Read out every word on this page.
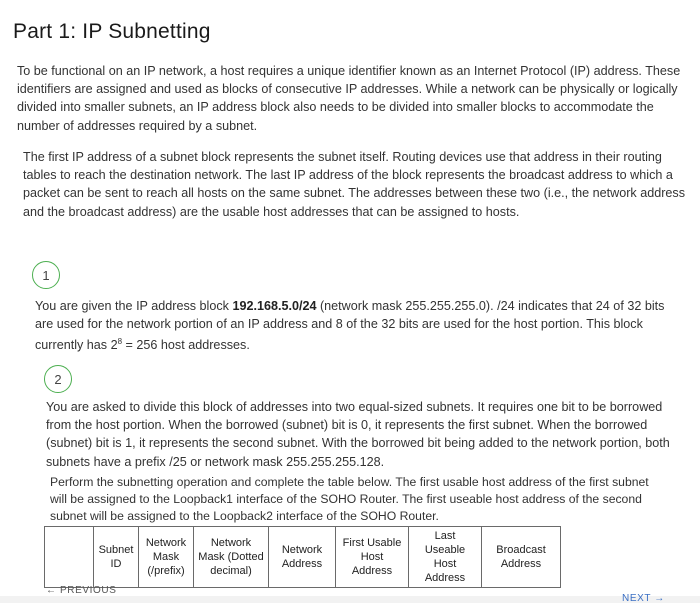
Part 1: IP Subnetting
To be functional on an IP network, a host requires a unique identifier known as an Internet Protocol (IP) address. These identifiers are assigned and used as blocks of consecutive IP addresses. While a network can be physically or logically divided into smaller subnets, an IP address block also needs to be divided into smaller blocks to accommodate the number of addresses required by a subnet.
The first IP address of a subnet block represents the subnet itself. Routing devices use that address in their routing tables to reach the destination network. The last IP address of the block represents the broadcast address to which a packet can be sent to reach all hosts on the same subnet. The addresses between these two (i.e., the network address and the broadcast address) are the usable host addresses that can be assigned to hosts.
1
You are given the IP address block 192.168.5.0/24 (network mask 255.255.255.0). /24 indicates that 24 of 32 bits are used for the network portion of an IP address and 8 of the 32 bits are used for the host portion. This block currently has $2^8 = 256$ host addresses.
2
You are asked to divide this block of addresses into two equal-sized subnets. It requires one bit to be borrowed from the host portion. When the borrowed (subnet) bit is 0, it represents the first subnet. When the borrowed (subnet) bit is 1, it represents the second subnet. With the borrowed bit being added to the network portion, both subnets have a prefix /25 or network mask 255.255.255.128.
Perform the subnetting operation and complete the table below. The first usable host address of the first subnet will be assigned to the Loopback1 interface of the SOHO Router. The first useable host address of the second subnet will be assigned to the Loopback2 interface of the SOHO Router.
	Subnet ID	Network Mask (/prefix)	Network Mask (Dotted decimal)	Network Address	First Usable Host Address	Last Useable Host Address	Broadcast Address
← PREVIOUS
NEXT →
